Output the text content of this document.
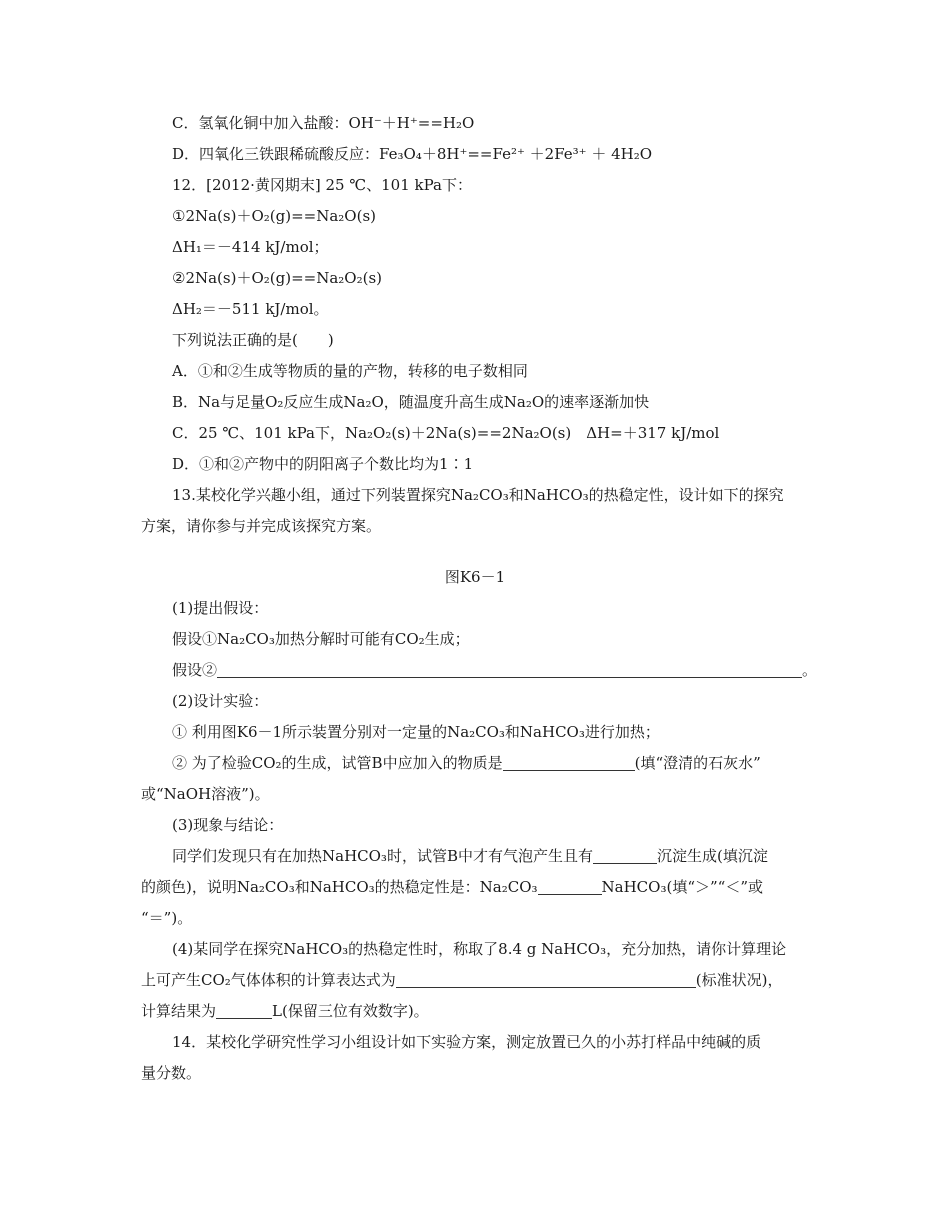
C．氢氧化铜中加入盐酸：OH⁻＋H⁺==H₂O
D．四氧化三铁跟稀硫酸反应：Fe₃O₄＋8H⁺==Fe²⁺ ＋2Fe³⁺ ＋ 4H₂O
12．[2012·黄冈期末] 25 ℃、101 kPa下：
①2Na(s)＋O₂(g)==Na₂O(s)
ΔH₁＝－414 kJ/mol；
②2Na(s)＋O₂(g)==Na₂O₂(s)
ΔH₂＝－511 kJ/mol。
下列说法正确的是(　　)
A．①和②生成等物质的量的产物，转移的电子数相同
B．Na与足量O₂反应生成Na₂O，随温度升高生成Na₂O的速率逐渐加快
C．25 ℃、101 kPa下，Na₂O₂(s)＋2Na(s)==2Na₂O(s)　ΔH=＋317 kJ/mol
D．①和②产物中的阴阳离子个数比均为1∶1
13.某校化学兴趣小组，通过下列装置探究Na₂CO₃和NaHCO₃的热稳定性，设计如下的探究
方案，请你参与并完成该探究方案。
图K6－1
(1)提出假设：
假设①Na₂CO₃加热分解时可能有CO₂生成；
假设②	。
(2)设计实验：
① 利用图K6－1所示装置分别对一定量的Na₂CO₃和NaHCO₃进行加热；
② 为了检验CO₂的生成，试管B中应加入的物质是	(填“澄清的石灰水”
或“NaOH溶液”)。
(3)现象与结论：
同学们发现只有在加热NaHCO₃时，试管B中才有气泡产生且有	沉淀生成(填沉淀
的颜色)，说明Na₂CO₃和NaHCO₃的热稳定性是：Na₂CO₃	NaHCO₃(填“＞”“＜”或
“＝”)。
(4)某同学在探究NaHCO₃的热稳定性时，称取了8.4 g NaHCO₃，充分加热，请你计算理论
上可产生CO₂气体体积的计算表达式为	(标准状况)，
计算结果为	L(保留三位有效数字)。
14．某校化学研究性学习小组设计如下实验方案，测定放置已久的小苏打样品中纯碱的质
量分数。
